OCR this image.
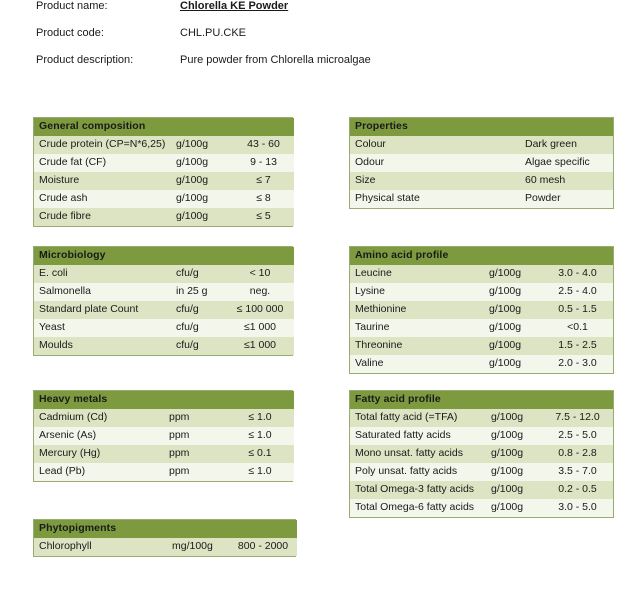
Product name:	Chlorella KE Powder
Product code:	CHL.PU.CKE
Product description:	Pure powder from Chlorella microalgae
General composition		
Crude protein (CP=N*6,25)	g/100g	43 - 60
Crude fat (CF)	g/100g	9 - 13
Moisture	g/100g	≤ 7
Crude ash	g/100g	≤ 8
Crude fibre	g/100g	≤ 5
Properties	
Colour	Dark green
Odour	Algae specific
Size	60 mesh
Physical state	Powder
Microbiology		
E. coli	cfu/g	< 10
Salmonella	in 25 g	neg.
Standard plate Count	cfu/g	≤ 100 000
Yeast	cfu/g	≤1 000
Moulds	cfu/g	≤1 000
Amino acid profile		
Leucine	g/100g	3.0 - 4.0
Lysine	g/100g	2.5 - 4.0
Methionine	g/100g	0.5 - 1.5
Taurine	g/100g	<0.1
Threonine	g/100g	1.5 - 2.5
Valine	g/100g	2.0 - 3.0
Heavy metals		
Cadmium (Cd)	ppm	≤ 1.0
Arsenic (As)	ppm	≤ 1.0
Mercury (Hg)	ppm	≤ 0.1
Lead (Pb)	ppm	≤ 1.0
Fatty acid profile		
Total fatty acid (=TFA)	g/100g	7.5 - 12.0
Saturated fatty acids	g/100g	2.5 - 5.0
Mono unsat. fatty acids	g/100g	0.8 - 2.8
Poly unsat. fatty acids	g/100g	3.5 - 7.0
Total Omega-3 fatty acids	g/100g	0.2 - 0.5
Total Omega-6 fatty acids	g/100g	3.0 - 5.0
Phytopigments
Chlorophyll	mg/100g	800 - 2000
